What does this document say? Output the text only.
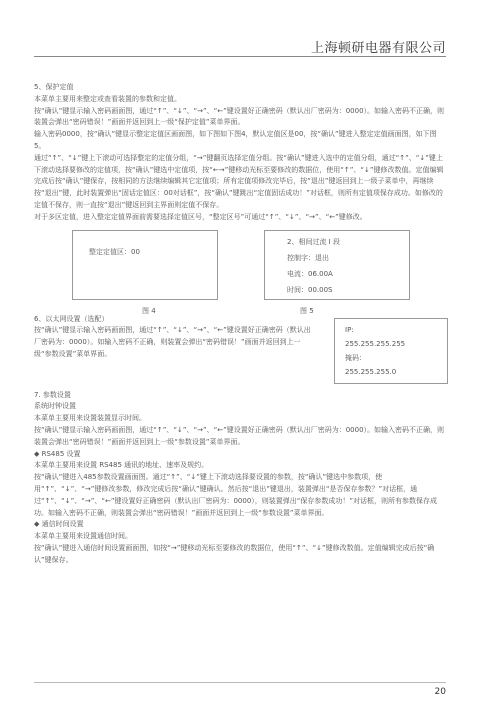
上海顿研电器有限公司

5、保护定值

本菜单主要用来整定或查看装置的参数和定值。

按“确认”键显示输入密码画面图，通过“↑”、“↓”、“→”、“←”键设置好正确密码（默认出厂密码为：0000）。如输入密码不正确，则装置会弹出“密码错误！”画面并返回到上一级“保护定值”菜单界面。

输入密码0000，按“确认”键显示整定定值区画面图，如下图如下图4，默认定值区是00，按“确认”键进入整定定值画面图，如下图5。

通过“↑”、“↓”键上下滚动可选择整定的定值分组，“→”键翻页选择定值分组。按“确认”键进入选中的定值分组，通过“↑”、“↓”键上下滚动选择要修改的定值项，按“确认”键选中定值项，按“←→”键移动光标至要修改的数据位，使用“↑”、“↓”键修改数值。定值编辑完成后按“确认”键保存，按相同的方法继续编辑其它定值项；所有定值项修改完毕后，按“退出”键返回到上一级子菜单中，再继续按“退出”键，此时装置弹出“固话定值区：00对话框”，按“确认”键跳出“定值固话成功！”对话框，则所有定值项保存成功。如修改的定值不保存，则一直按“退出”键返回到主界面则定值不保存。

对于多区定值，进入整定定值界面前需要选择定值区号，“整定区号”可通过“↑”、“↓”、“→”、“←”键修改。

整定定值区：00
2、相间过流 I 段
控制字：退出
电流：06.00A
时间：00.00S
图 4	图 5

6、以太网设置（选配）

按“确认”键显示输入密码画面图，通过“↑”、“↓”、“→”、“←”键设置好正确密码（默认出厂密码为：0000）。如输入密码不正确，则装置会弹出“密码错误！”画面并返回到上一级“参数设置”菜单界面。

IP:
255.255.255.255
掩码：
255.255.255.0

7. 参数设置

系统时钟设置

本菜单主要用来设置装置显示时间。

按“确认”键显示输入密码画面图，通过“↑”、“↓”、“→”、“←”键设置好正确密码（默认出厂密码为：0000）。如输入密码不正确，则装置会弹出“密码错误！”画面并返回到上一级“参数设置”菜单界面。

◆ RS485 设置

本菜单主要用来设置 RS485 通讯的地址、速率及规约。

按“确认”键进入485参数设置画面图。通过“↑”、“↓”键上下滚动选择要设置的参数，按“确认”键选中参数项，使用“↑”、“↓”、“→”键修改参数，修改完成后按“确认”键确认。然后按“退出”键退出，装置弹出“是否保存参数？”对话框，通过“↑”、“↓”、“→”、“←”键设置好正确密码（默认出厂密码为：0000），则装置弹出“保存参数成功！”对话框，则所有参数保存成功。如输入密码不正确，则装置会弹出“密码错误！”画面并返回到上一级“参数设置”菜单界面。

◆ 通信时间设置

本菜单主要用来设置通信时间。

按“确认”键进入通信时间设置画面图，如按“→”键移动光标至要修改的数据位，使用“↑”、“↓”键修改数值。定值编辑完成后按“确认”键保存。

20
